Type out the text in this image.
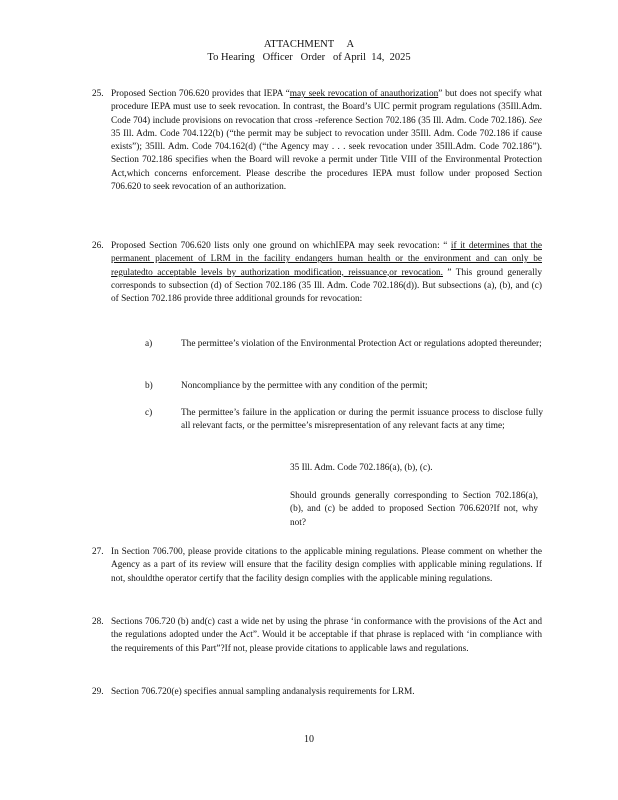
ATTACHMENT     A
To Hearing   Officer   Order   of April  14,  2025
25. Proposed Section 706.620 provides that IEPA “may seek revocation of anauthorization” but does not specify what procedure IEPA must use to seek revocation. In contrast, the Board’s UIC permit program regulations (35Ill.Adm. Code 704) include provisions on revocation that cross -reference Section 702.186 (35 Ill. Adm. Code 702.186). See 35 Ill. Adm. Code 704.122(b) (“the permit may be subject to revocation under 35Ill. Adm. Code 702.186 if cause exists”); 35Ill. Adm. Code 704.162(d) (“the Agency may . . . seek revocation under 35Ill.Adm. Code 702.186”). Section 702.186 specifies when the Board will revoke a permit under Title VIII of the Environmental Protection Act,which concerns enforcement. Please describe the procedures IEPA must follow under proposed Section 706.620 to seek revocation of an authorization.

26. Proposed Section 706.620 lists only one ground on whichIEPA may seek revocation: “ if it determines that the permanent placement of LRM in the facility endangers human health or the environment and can only be regulatedto acceptable levels by authorization modification, reissuance,or revocation. ” This ground generally corresponds to subsection (d) of Section 702.186 (35 Ill. Adm. Code 702.186(d)). But subsections (a), (b), and (c) of Section 702.186 provide three additional grounds for revocation:

a)	The permittee’s violation of the Environmental Protection Act or regulations adopted thereunder;
b)	Noncompliance by the permittee with any condition of the permit;
c)	The permittee’s failure in the application or during the permit issuance process to disclose fully all relevant facts, or the permittee’s misrepresentation of any relevant facts at any time;
35 Ill. Adm. Code 702.186(a), (b), (c).
Should grounds generally corresponding to Section 702.186(a), (b), and (c) be added to proposed Section 706.620?If not, why not?
27. In Section 706.700, please provide citations to the applicable mining regulations. Please comment on whether the Agency as a part of its review will ensure that the facility design complies with applicable mining regulations. If not, shouldthe operator certify that the facility design complies with the applicable mining regulations.

28. Sections 706.720 (b) and(c) cast a wide net by using the phrase ‘in conformance with the provisions of the Act and the regulations adopted under the Act”. Would it be acceptable if that phrase is replaced with ‘in compliance with the requirements of this Part”?If not, please provide citations to applicable laws and regulations.

29. Section 706.720(e) specifies annual sampling andanalysis requirements for LRM.

10
